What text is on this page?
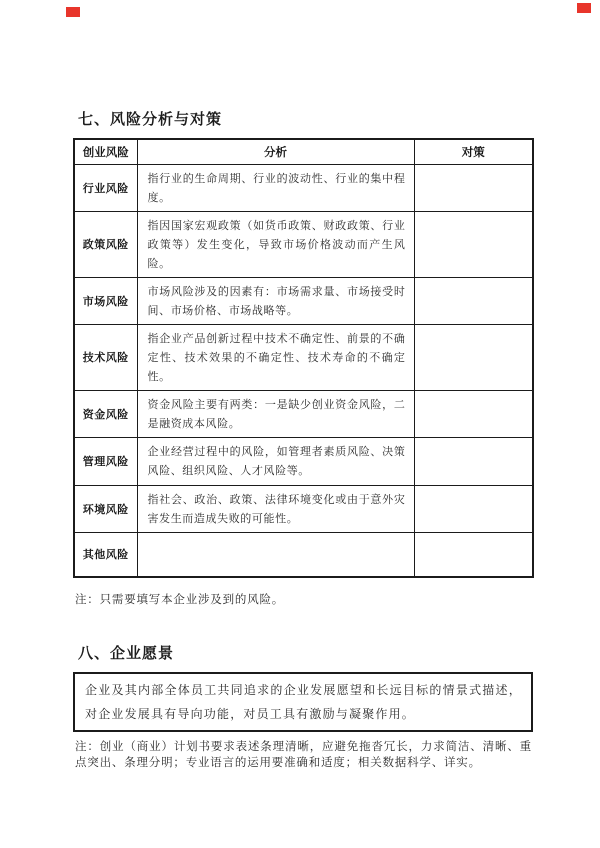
七、风险分析与对策
创业风险	分析	对策
行业风险	指行业的生命周期、行业的波动性、行业的集中程度。	
政策风险	指因国家宏观政策（如货币政策、财政政策、行业政策等）发生变化，导致市场价格波动而产生风险。	
市场风险	市场风险涉及的因素有：市场需求量、市场接受时间、市场价格、市场战略等。	
技术风险	指企业产品创新过程中技术不确定性、前景的不确定性、技术效果的不确定性、技术寿命的不确定性。	
资金风险	资金风险主要有两类：一是缺少创业资金风险，二是融资成本风险。	
管理风险	企业经营过程中的风险，如管理者素质风险、决策风险、组织风险、人才风险等。	
环境风险	指社会、政治、政策、法律环境变化或由于意外灾害发生而造成失败的可能性。	
其他风险		
注：只需要填写本企业涉及到的风险。
八、企业愿景
企业及其内部全体员工共同追求的企业发展愿望和长远目标的情景式描述，对企业发展具有导向功能，对员工具有激励与凝聚作用。
注：创业（商业）计划书要求表述条理清晰，应避免拖沓冗长，力求简洁、清晰、重点突出、条理分明；专业语言的运用要准确和适度；相关数据科学、详实。
